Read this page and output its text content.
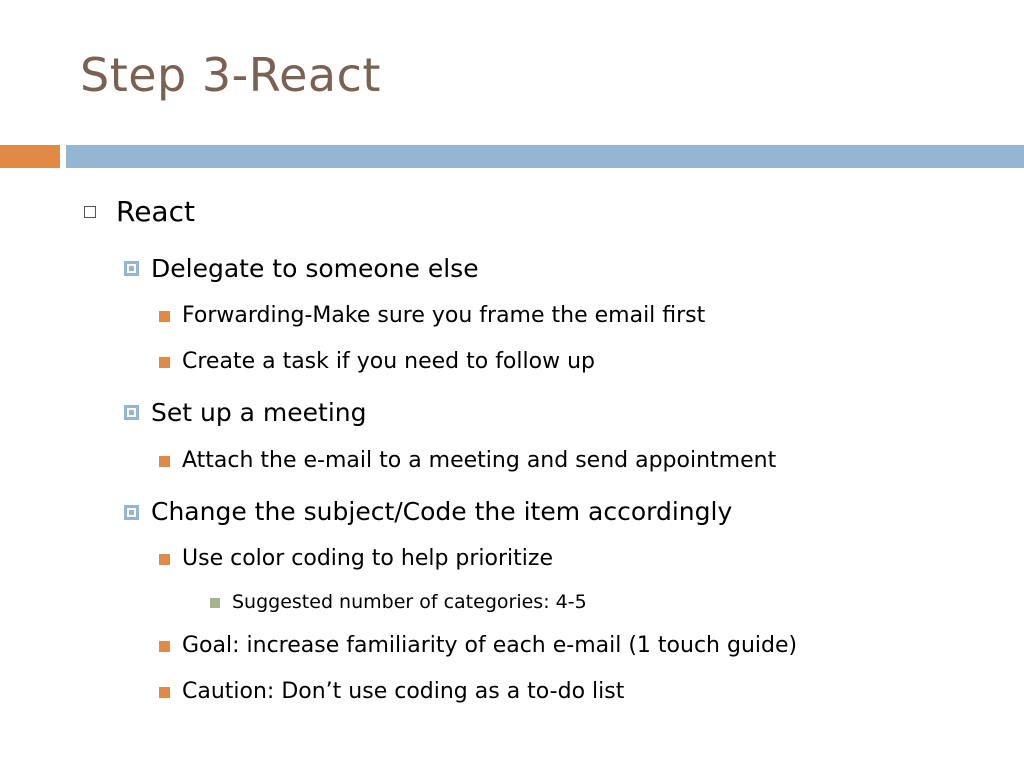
Step 3-React
React
Delegate to someone else
Forwarding-Make sure you frame the email first
Create a task if you need to follow up
Set up a meeting
Attach the e-mail to a meeting and send appointment
Change the subject/Code the item accordingly
Use color coding to help prioritize
Suggested number of categories: 4-5
Goal: increase familiarity of each e-mail (1 touch guide)
Caution: Don’t use coding as a to-do list
